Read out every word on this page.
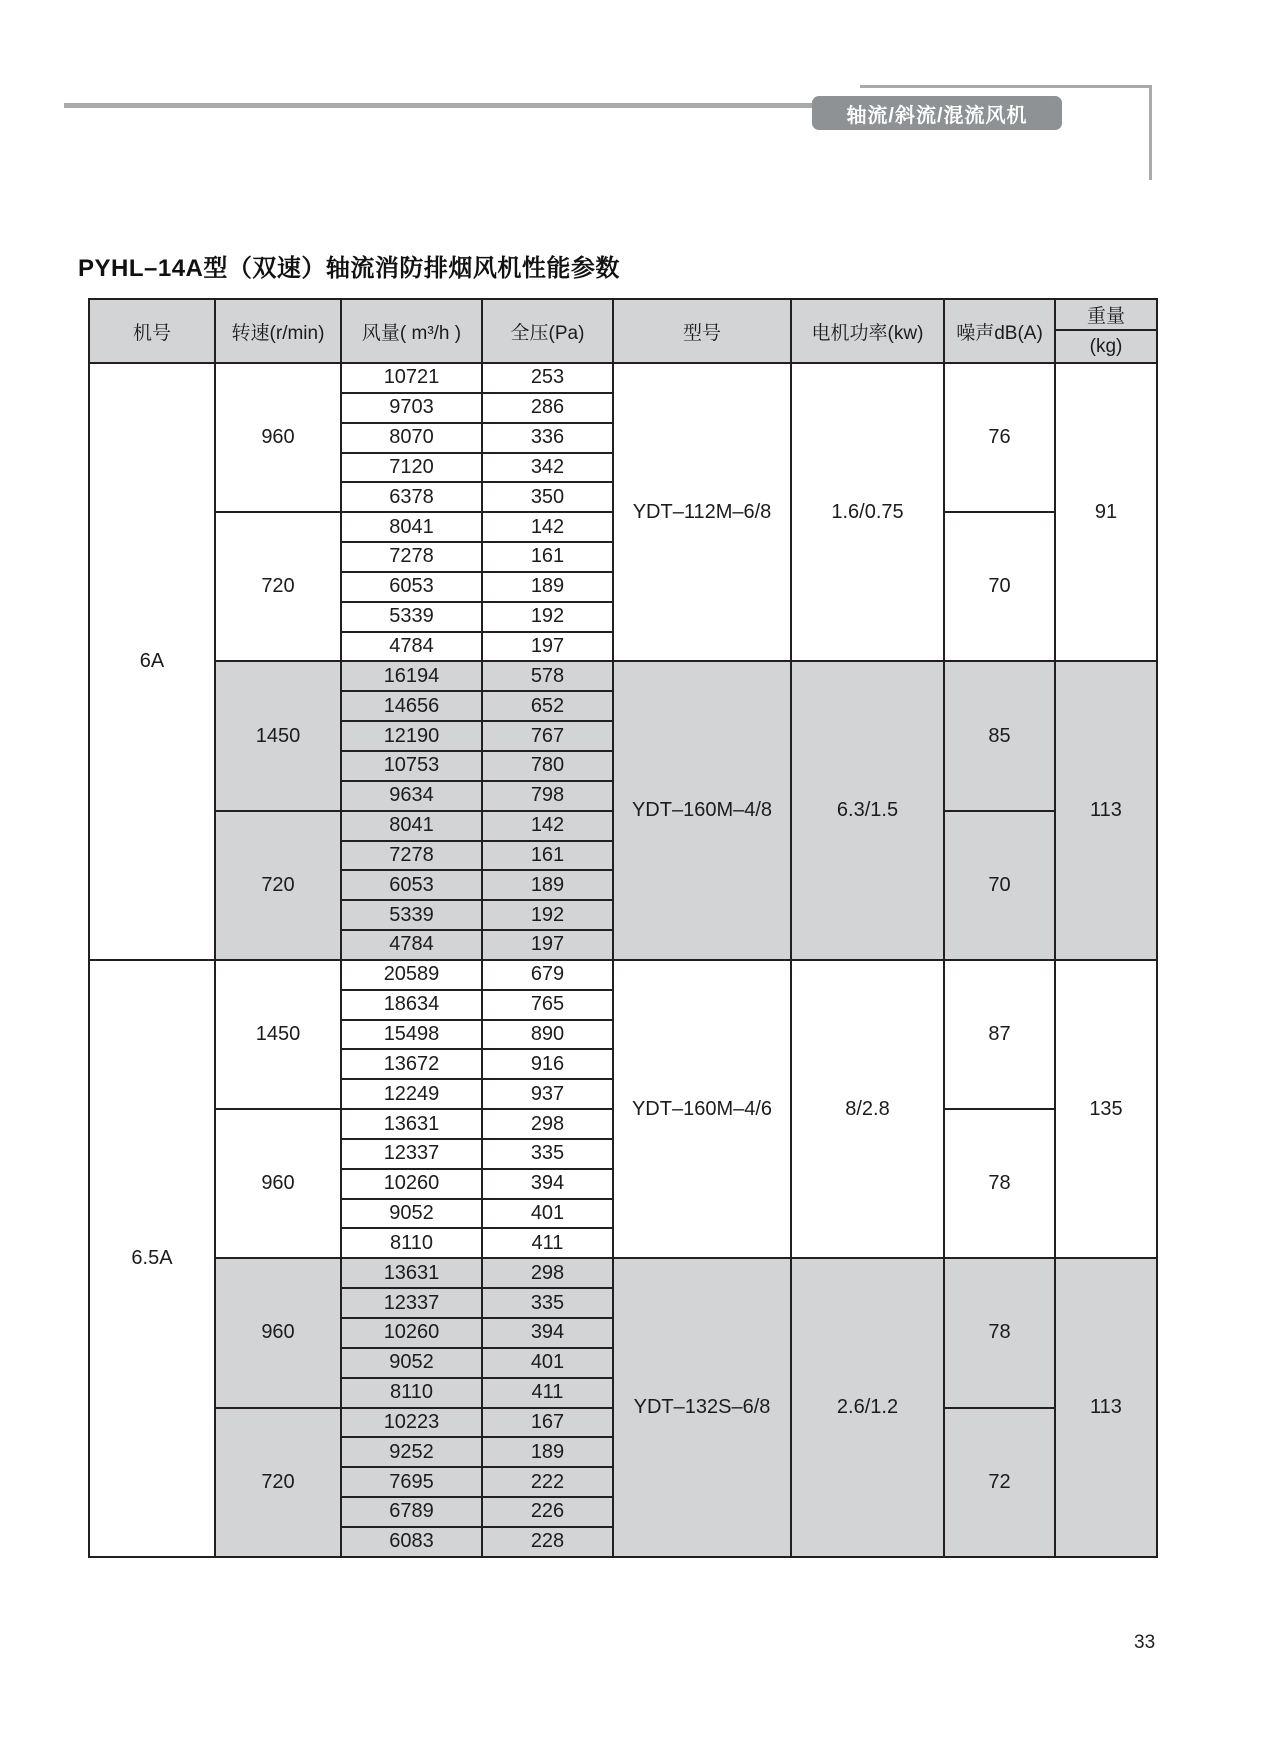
轴流/斜流/混流风机
PYHL–14A型（双速）轴流消防排烟风机性能参数
机号	转速(r/min)	风量( m³/h )	全压(Pa)	型号	电机功率(kw)	噪声dB(A)	重量
							(kg)
6A	960	10721	253	YDT–112M–6/8	1.6/0.75	76	91
		9703	286				
		8070	336				
		7120	342				
		6378	350				
	720	8041	142			70	
		7278	161				
		6053	189				
		5339	192				
		4784	197				
	1450	16194	578	YDT–160M–4/8	6.3/1.5	85	113
		14656	652				
		12190	767				
		10753	780				
		9634	798				
	720	8041	142			70	
		7278	161				
		6053	189				
		5339	192				
		4784	197				
6.5A	1450	20589	679	YDT–160M–4/6	8/2.8	87	135
		18634	765				
		15498	890				
		13672	916				
		12249	937				
	960	13631	298			78	
		12337	335				
		10260	394				
		9052	401				
		8110	411				
	960	13631	298	YDT–132S–6/8	2.6/1.2	78	113
		12337	335				
		10260	394				
		9052	401				
		8110	411				
	720	10223	167			72	
		9252	189				
		7695	222				
		6789	226				
		6083	228				
33
